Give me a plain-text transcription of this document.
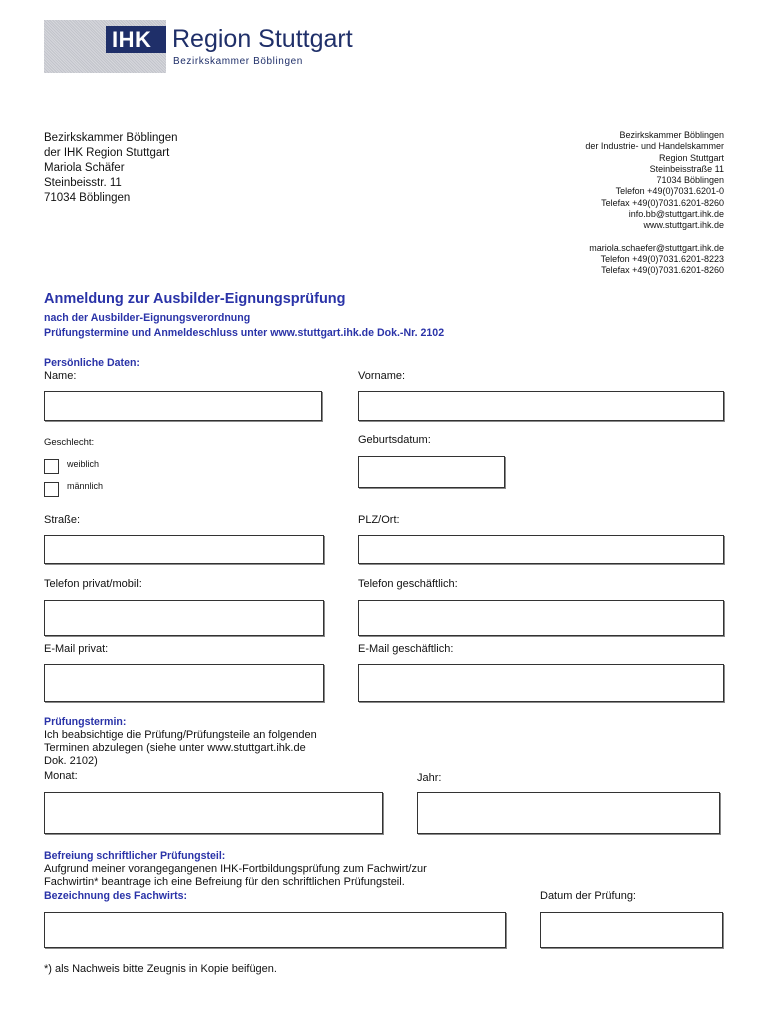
IHK Region Stuttgart
Bezirkskammer Böblingen
Bezirkskammer Böblingen
der IHK Region Stuttgart
Mariola Schäfer
Steinbeisstr. 11
71034 Böblingen
Bezirkskammer Böblingen
der Industrie- und Handelskammer
Region Stuttgart
Steinbeisstraße 11
71034 Böblingen
Telefon +49(0)7031.6201-0
Telefax +49(0)7031.6201-8260
info.bb@stuttgart.ihk.de
www.stuttgart.ihk.de
mariola.schaefer@stuttgart.ihk.de
Telefon +49(0)7031.6201-8223
Telefax +49(0)7031.6201-8260
Anmeldung zur Ausbilder-Eignungsprüfung
nach der Ausbilder-Eignungsverordnung
Prüfungstermine und Anmeldeschluss unter www.stuttgart.ihk.de Dok.-Nr. 2102
Persönliche Daten:
Name:	Vorname:
Geschlecht:	Geburtsdatum:
weiblich
männlich
Straße:	PLZ/Ort:
Telefon privat/mobil:	Telefon geschäftlich:
E-Mail privat:	E-Mail geschäftlich:
Prüfungstermin:
Ich beabsichtige die Prüfung/Prüfungsteile an folgenden
Terminen abzulegen (siehe unter www.stuttgart.ihk.de
Dok. 2102)
Monat:	Jahr:
Befreiung schriftlicher Prüfungsteil:
Aufgrund meiner vorangegangenen IHK-Fortbildungsprüfung zum Fachwirt/zur
Fachwirtin* beantrage ich eine Befreiung für den schriftlichen Prüfungsteil.
Bezeichnung des Fachwirts:	Datum der Prüfung:
*) als Nachweis bitte Zeugnis in Kopie beifügen.
